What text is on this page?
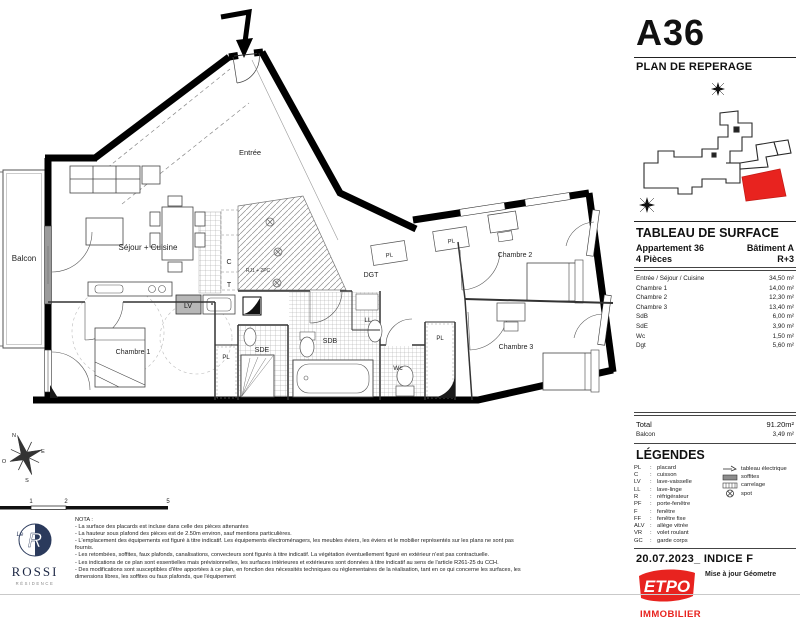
Balcon
Entrée
Séjour + Cuisine
C
T
LV
RJ1 + 2PC
PL
Chambre 1	SDE
SDB
LL
Wc
PL
DGT
PL
PL
Chambre 2
Chambre 3
N
E
S
O
1	2	5
A36
PLAN DE REPERAGE
TABLEAU DE SURFACE
Appartement 36	Bâtiment A
4 Pièces	R+3
Entrée / Séjour / Cuisine	34,50 m²
Chambre 1	14,00 m²
Chambre 2	12,30 m²
Chambre 3	13,40 m²
SdB	6,00 m²
SdE	3,90 m²
Wc	1,50 m²
Dgt	5,60 m²
Total	91.20m²
Balcon	3,49 m²
LÉGENDES
PL	: placard
C	: cuisson
LV	: lave-vaisselle
LL	: lave-linge
R	: réfrigérateur
PF	: porte-fenêtre
F	: fenêtre
FF	: fenêtre fixe
ALV : allège vitrée
VR	: volet roulant
GC	: garde corps
tableau électrique
soffites
carrelage
spot
20.07.2023_ INDICE F
ETPO
IMMOBILIER
Mise à jour Géometre
R
Le
ROSSI
RÉSIDENCE
NOTA :
- La surface des placards est incluse dans celle des pièces attenantes
- La hauteur sous plafond des pièces est de 2.50m environ, sauf mentions particulières.
- L'emplacement des équipements est figuré à titre indicatif. Les équipements électroménagers, les meubles éviers, les éviers et le mobilier représentés sur les plans ne sont pas fournis.
- Les retombées, soffites, faux plafonds, canalisations, convecteurs sont figurés à titre indicatif. La végétation éventuellement figuré en extérieur n'est pas contractuelle.
- Les indications de ce plan sont essentielles mais prévisionnelles, les surfaces intérieures et extérieures sont données à titre indicatif au sens de l'article R261-25 du CCH.
- Des modifications sont susceptibles d'être apportées à ce plan, en fonction des nécessités techniques ou réglementaires de la réalisation, tant en ce qui concerne les surfaces, les dimensions libres, les soffites ou faux plafonds, que l'équipement
